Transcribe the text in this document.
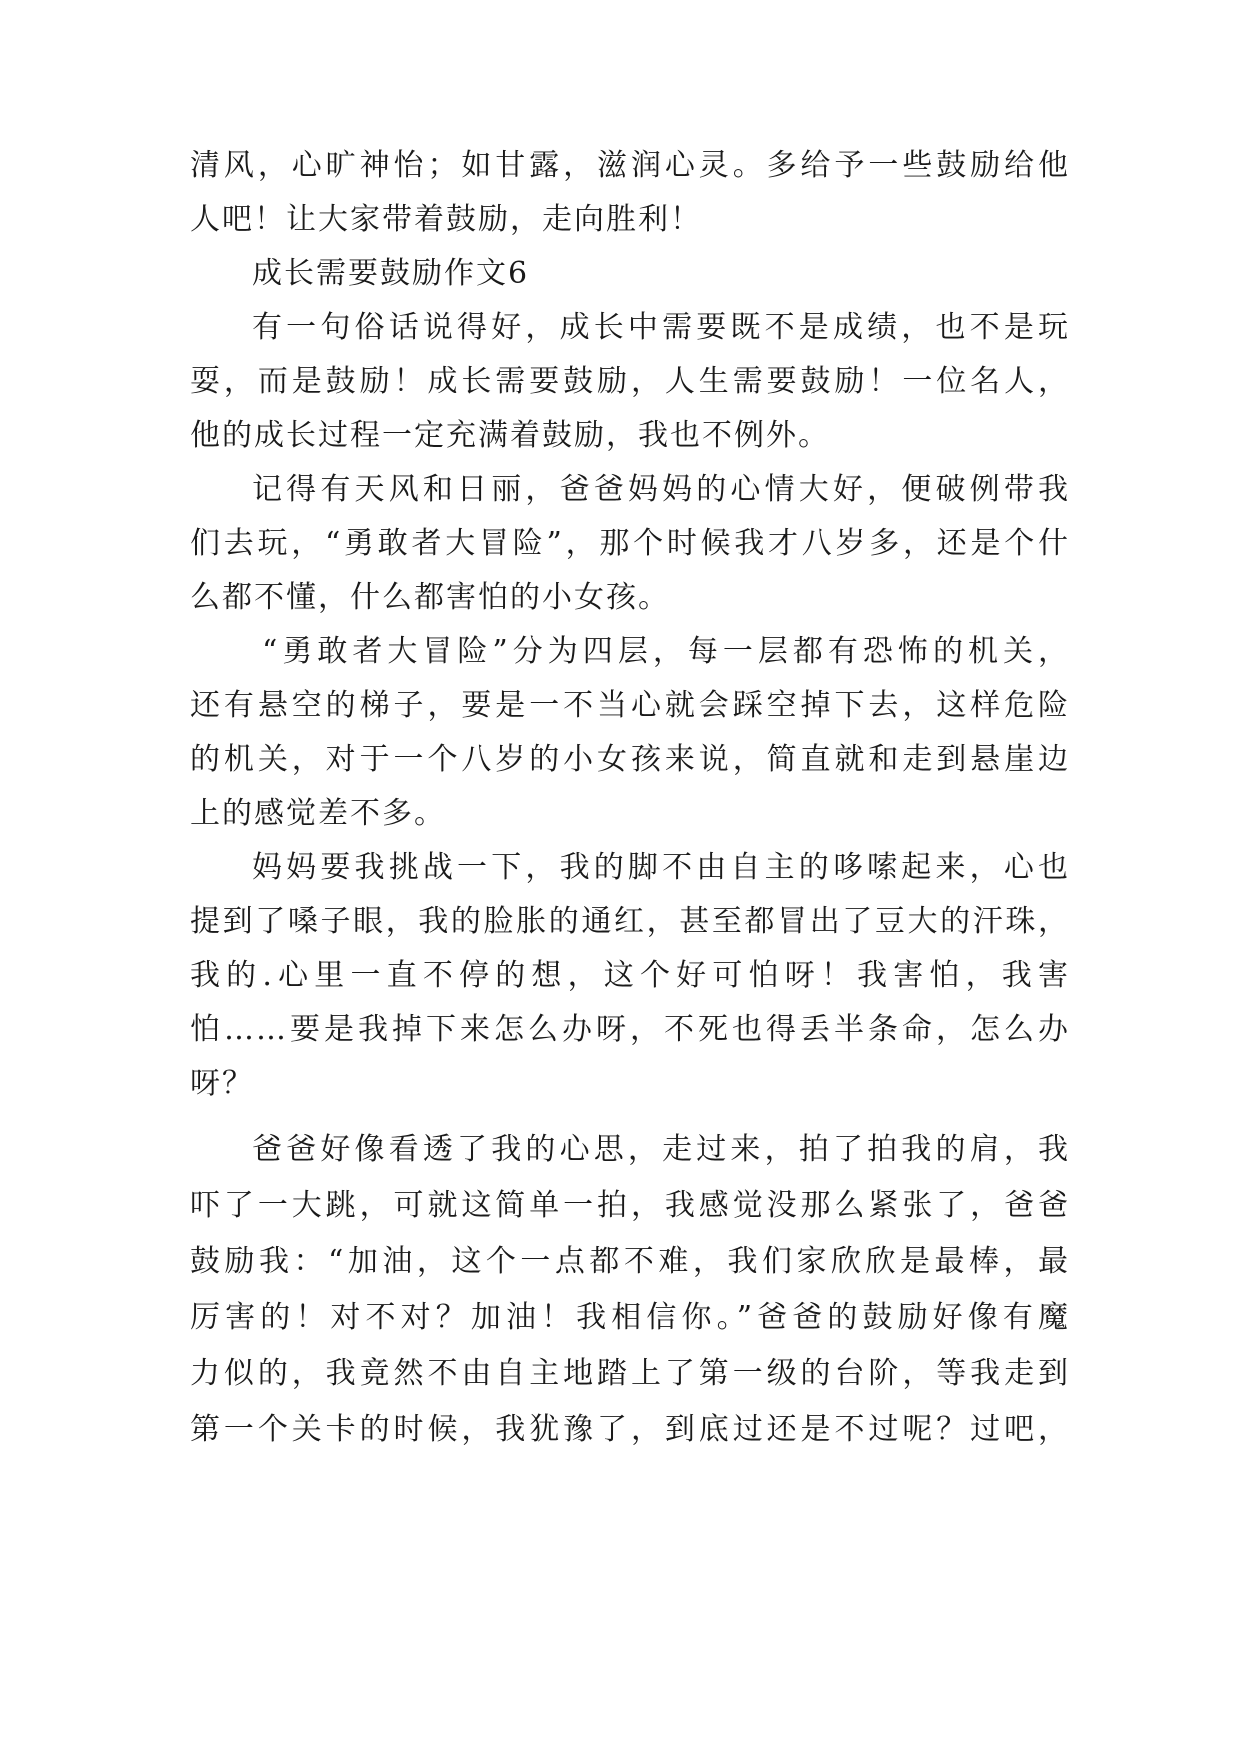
清风，心旷神怡；如甘露，滋润心灵。多给予一些鼓励给他
人吧！让大家带着鼓励，走向胜利！
成长需要鼓励作文6
有一句俗话说得好，成长中需要既不是成绩，也不是玩
耍，而是鼓励！成长需要鼓励，人生需要鼓励！一位名人，
他的成长过程一定充满着鼓励，我也不例外。
记得有天风和日丽，爸爸妈妈的心情大好，便破例带我
们去玩，“勇敢者大冒险”，那个时候我才八岁多，还是个什
么都不懂，什么都害怕的小女孩。
“勇敢者大冒险”分为四层，每一层都有恐怖的机关，
还有悬空的梯子，要是一不当心就会踩空掉下去，这样危险
的机关，对于一个八岁的小女孩来说，简直就和走到悬崖边
上的感觉差不多。
妈妈要我挑战一下，我的脚不由自主的哆嗦起来，心也
提到了嗓子眼，我的脸胀的通红，甚至都冒出了豆大的汗珠，
我的.心里一直不停的想，这个好可怕呀！我害怕，我害
怕……要是我掉下来怎么办呀，不死也得丢半条命，怎么办
呀？
爸爸好像看透了我的心思，走过来，拍了拍我的肩，我
吓了一大跳，可就这简单一拍，我感觉没那么紧张了，爸爸
鼓励我：“加油，这个一点都不难，我们家欣欣是最棒，最
厉害的！对不对？加油！我相信你。”爸爸的鼓励好像有魔
力似的，我竟然不由自主地踏上了第一级的台阶，等我走到
第一个关卡的时候，我犹豫了，到底过还是不过呢？过吧，
